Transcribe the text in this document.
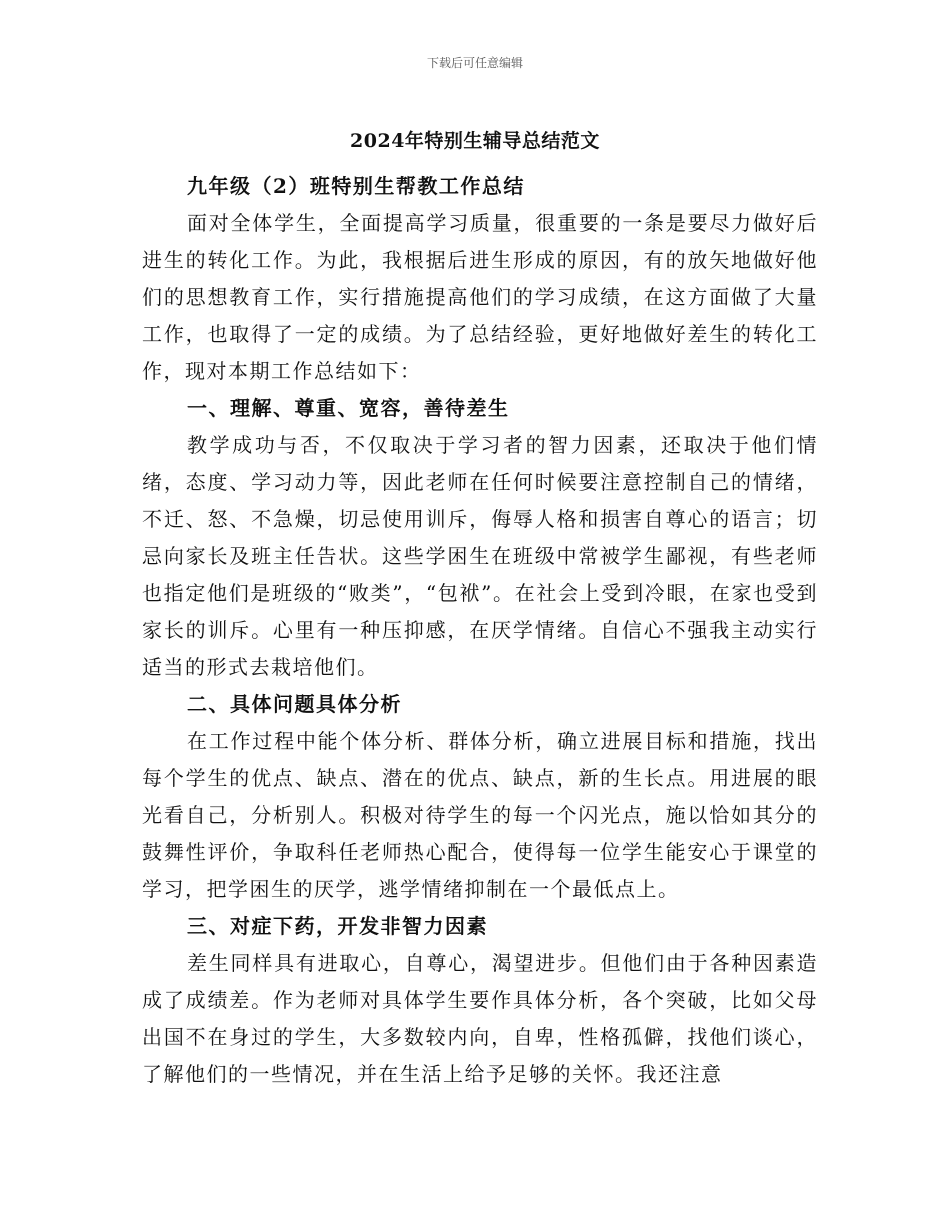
下载后可任意编辑
2024年特别生辅导总结范文

九年级（2）班特别生帮教工作总结

面对全体学生，全面提高学习质量，很重要的一条是要尽力做好后进生的转化工作。为此，我根据后进生形成的原因，有的放矢地做好他们的思想教育工作，实行措施提高他们的学习成绩，在这方面做了大量工作，也取得了一定的成绩。为了总结经验，更好地做好差生的转化工作，现对本期工作总结如下：

一、理解、尊重、宽容，善待差生

教学成功与否，不仅取决于学习者的智力因素，还取决于他们情绪，态度、学习动力等，因此老师在任何时候要注意控制自己的情绪，不迁、怒、不急燥，切忌使用训斥，侮辱人格和损害自尊心的语言；切忌向家长及班主任告状。这些学困生在班级中常被学生鄙视，有些老师也指定他们是班级的“败类”，“包袱”。在社会上受到冷眼，在家也受到家长的训斥。心里有一种压抑感，在厌学情绪。自信心不强我主动实行适当的形式去栽培他们。

二、具体问题具体分析

在工作过程中能个体分析、群体分析，确立进展目标和措施，找出每个学生的优点、缺点、潜在的优点、缺点，新的生长点。用进展的眼光看自己，分析别人。积极对待学生的每一个闪光点，施以恰如其分的鼓舞性评价，争取科任老师热心配合，使得每一位学生能安心于课堂的学习，把学困生的厌学，逃学情绪抑制在一个最低点上。

三、对症下药，开发非智力因素

差生同样具有进取心，自尊心，渴望进步。但他们由于各种因素造成了成绩差。作为老师对具体学生要作具体分析，各个突破，比如父母出国不在身过的学生，大多数较内向，自卑，性格孤僻，找他们谈心，了解他们的一些情况，并在生活上给予足够的关怀。我还注意
